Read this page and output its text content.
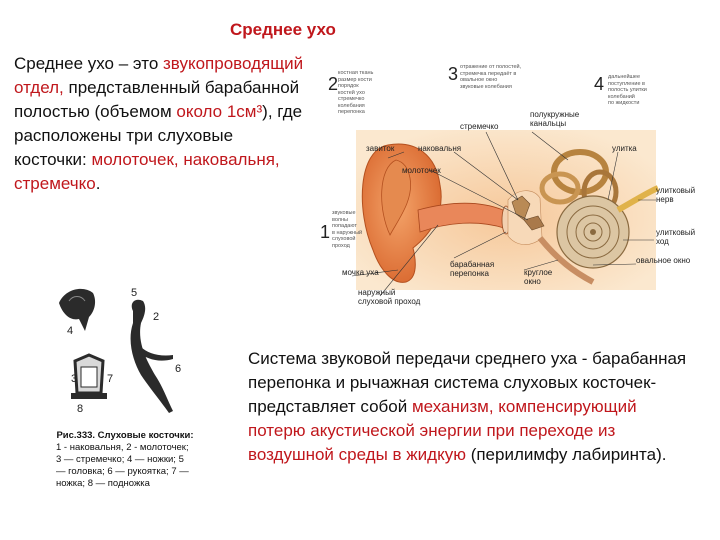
Среднее ухо
Среднее ухо – это звукопроводящий отдел, представленный барабанной полостью (объемом около 1см³), где расположены три слуховые косточки: молоточек, наковальня, стремечко.
2
костная ткань
размер кости
порядок
костей ухо
стремечко
колебания
перепонка
3 отражение от полостей,
стремечка передаёт в
овальное окно
звуковые колебания	4 дальнейшее
поступление в
полость улитки
колебаний
по жидкости
1
звуковые
волны
попадают
в наружный
слуховой
проход
стремечко
полукружные
канальцы
завиток	наковальня	улитка
молоточек
улитковый
нерв
улитковый
ход
овальное окно
мочка уха
барабанная
перепонка	круглое
окно
наружный
слуховой проход
5
2
4
6
3	7
8
Рис.333. Слуховые косточки:
1 - наковальня, 2 - молоточек; 3 — стремечко; 4 — ножки; 5 — головка; 6 — рукоятка; 7 — ножка; 8 — подножка
Система звуковой передачи среднего уха - барабанная перепонка и рычажная система слуховых косточек- представляет собой механизм, компенсирующий потерю акустической энергии при переходе из воздушной среды в жидкую (перилимфу лабиринта).
